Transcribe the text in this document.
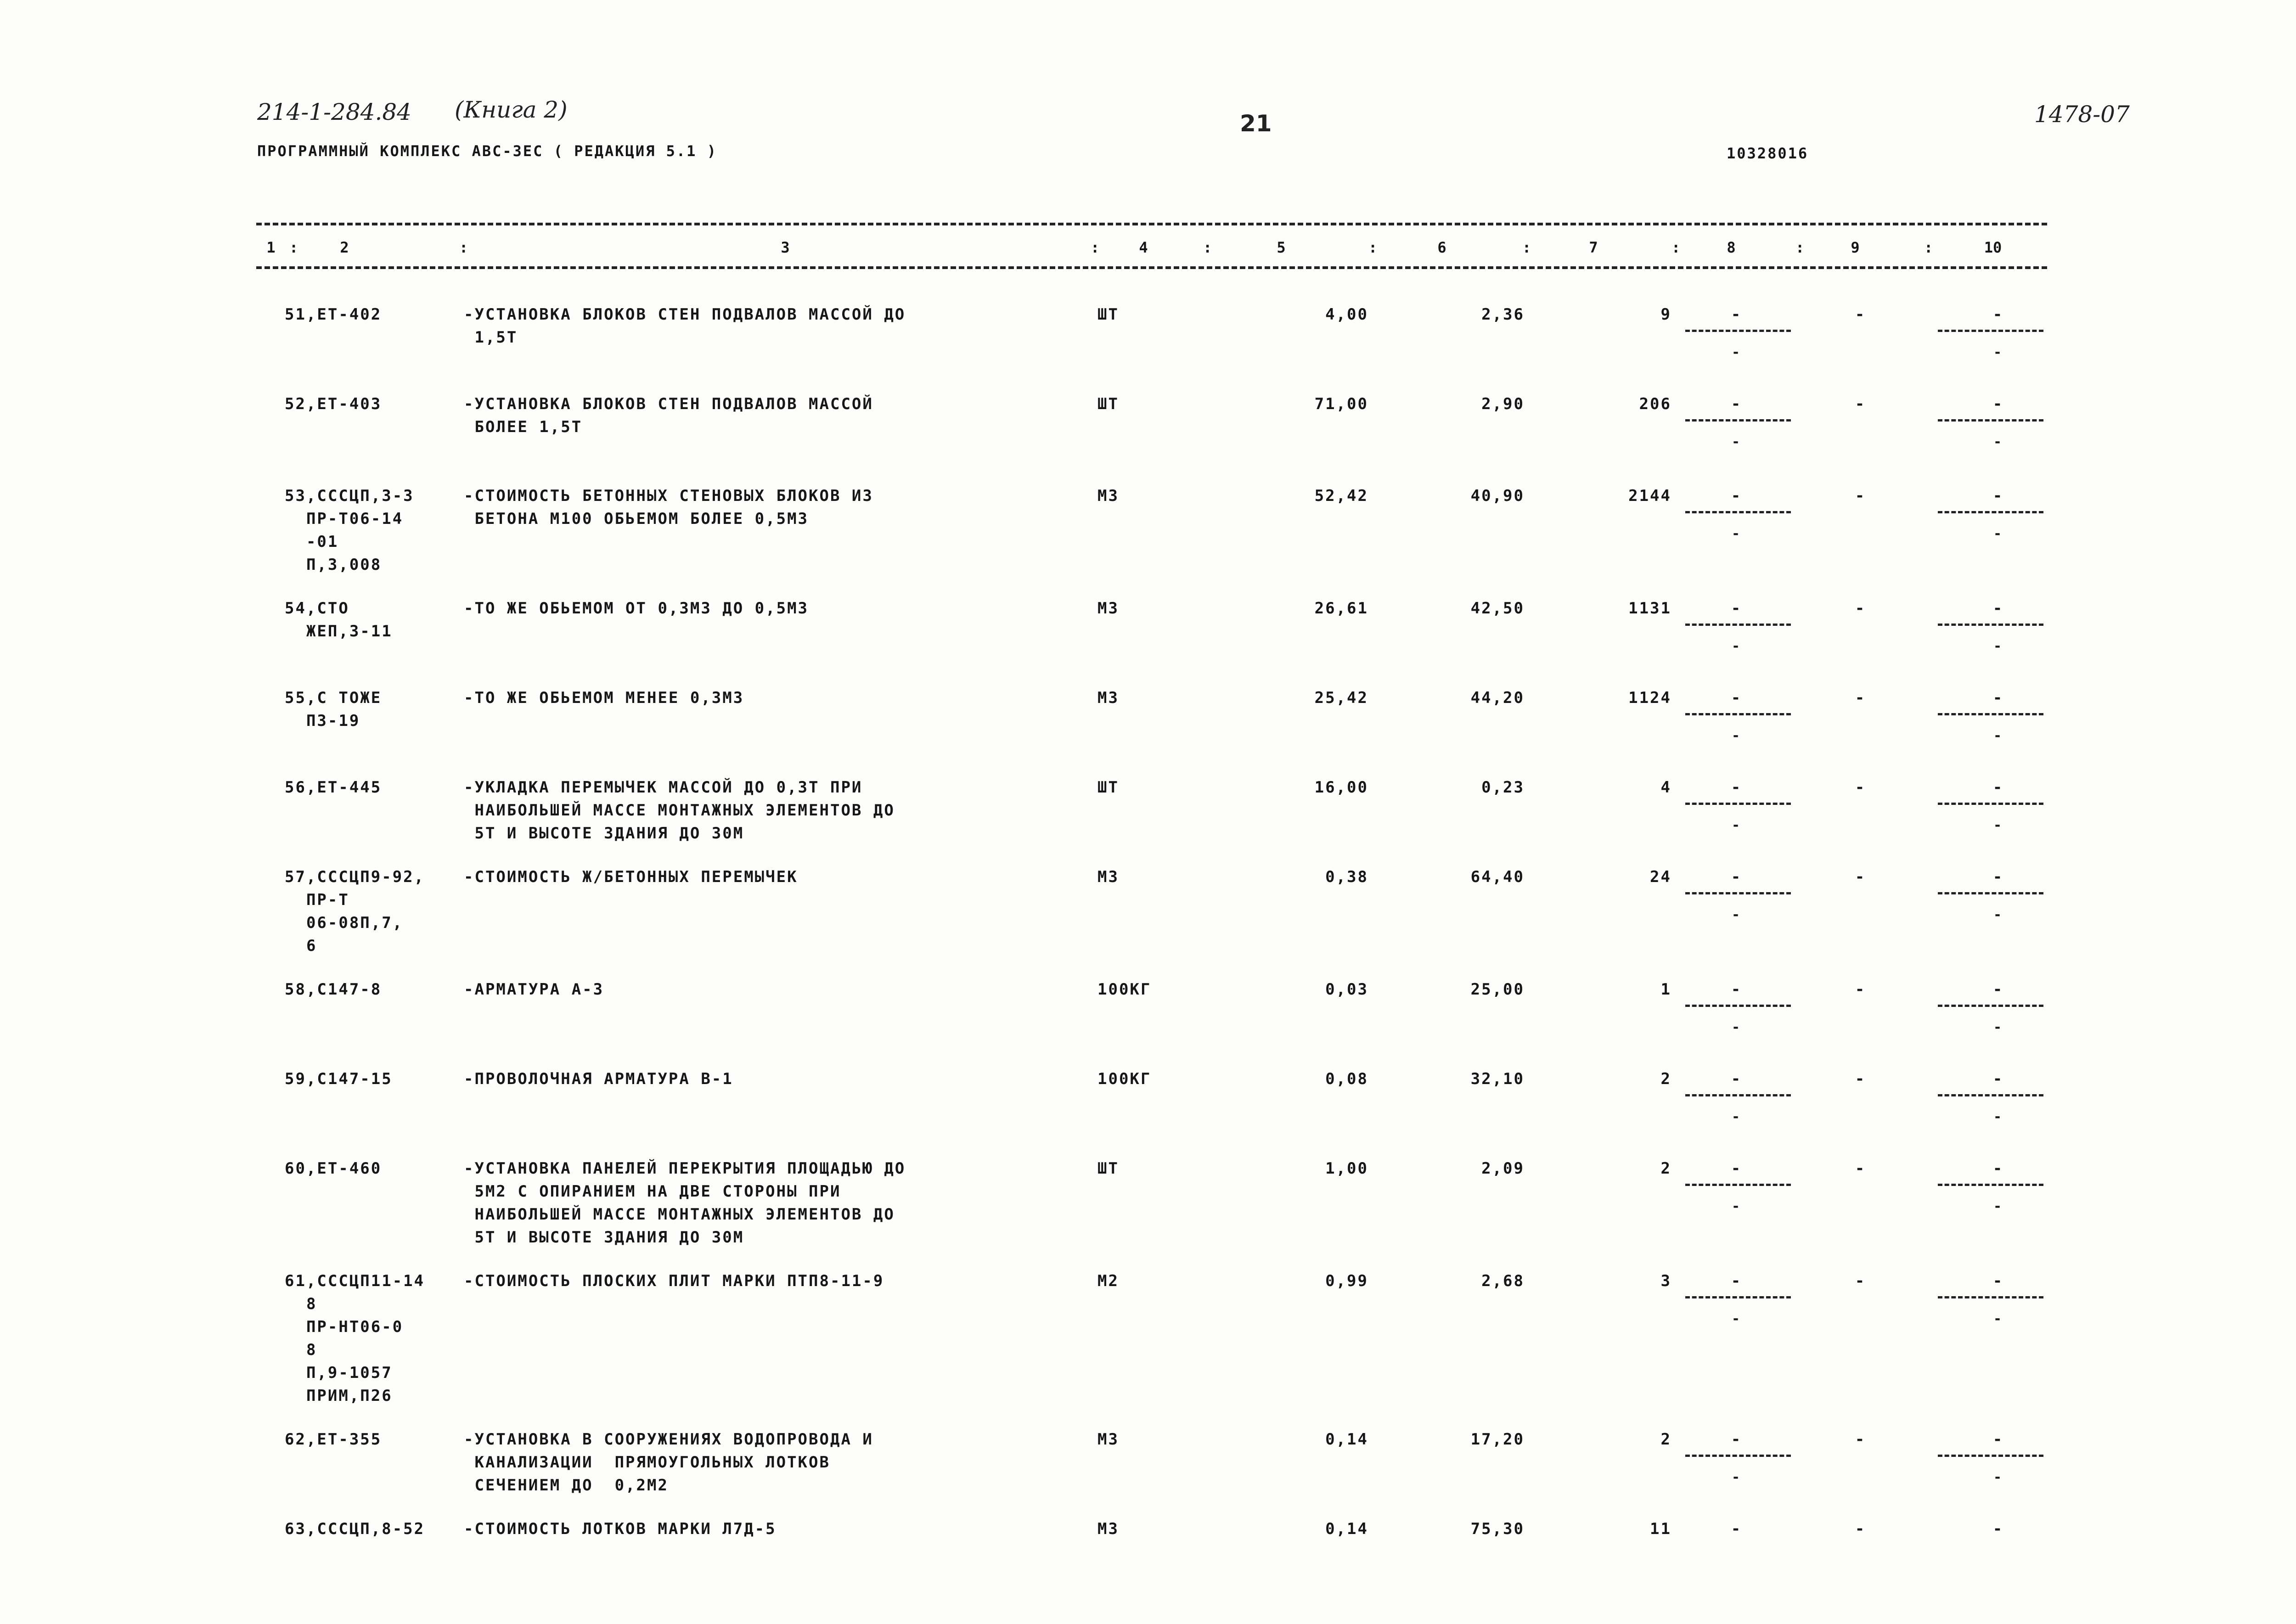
214-1-284.84 (Книга 2)
21	1478-07
ПРОГРАММНЫЙ КОМПЛЕКС АВС-ЗЕС ( РЕДАКЦИЯ 5.1 )	10328016
1 :	2	:	3	:	4	:	5	:	6	:	7	:	8	:	9	:	10
51,ЕТ-402	-УСТАНОВКА БЛОКОВ СТЕН ПОДВАЛОВ МАССОЙ ДО
1,5Т
ШТ	4,00	2,36	9	-	-	-
-	-
52,ЕТ-403	-УСТАНОВКА БЛОКОВ СТЕН ПОДВАЛОВ МАССОЙ
БОЛЕЕ 1,5Т
ШТ	71,00	2,90	206	-	-	-
-	-
53,СССЦП,3-3
ПР-Т06-14
-01
П,3,008
-СТОИМОСТЬ БЕТОННЫХ СТЕНОВЫХ БЛОКОВ ИЗ
БЕТОНА М100 ОБЬЕМОМ БОЛЕЕ 0,5М3
М3	52,42	40,90	2144	-	-	-
-	-
54,СТО
ЖЕП,3-11
-ТО ЖЕ ОБЬЕМОМ ОТ 0,3М3 ДО 0,5М3	М3	26,61	42,50	1131	-	-	-
-	-
55,С ТОЖЕ
П3-19
-ТО ЖЕ ОБЬЕМОМ МЕНЕЕ 0,3М3	М3	25,42	44,20	1124	-	-	-
-	-
56,ЕТ-445	-УКЛАДКА ПЕРЕМЫЧЕК МАССОЙ ДО 0,3Т ПРИ
НАИБОЛЬШЕЙ МАССЕ МОНТАЖНЫХ ЭЛЕМЕНТОВ ДО
5Т И ВЫСОТЕ ЗДАНИЯ ДО 30М
ШТ	16,00	0,23	4	-	-	-
-	-
57,СССЦП9-92,
ПР-Т
06-08П,7,
6
-СТОИМОСТЬ Ж/БЕТОННЫХ ПЕРЕМЫЧЕК	М3	0,38	64,40	24	-	-	-
-	-
58,С147-8	-АРМАТУРА А-3	100КГ	0,03	25,00	1	-	-	-
-	-
59,С147-15	-ПРОВОЛОЧНАЯ АРМАТУРА В-1	100КГ	0,08	32,10	2	-	-	-
-	-
60,ЕТ-460	-УСТАНОВКА ПАНЕЛЕЙ ПЕРЕКРЫТИЯ ПЛОЩАДЬЮ ДО
5М2 С ОПИРАНИЕМ НА ДВЕ СТОРОНЫ ПРИ
НАИБОЛЬШЕЙ МАССЕ МОНТАЖНЫХ ЭЛЕМЕНТОВ ДО
5Т И ВЫСОТЕ ЗДАНИЯ ДО 30М
ШТ	1,00	2,09	2	-	-	-
-	-
61,СССЦП11-14
8
ПР-НТ06-0
8
П,9-1057
ПРИМ,П26
-СТОИМОСТЬ ПЛОСКИХ ПЛИТ МАРКИ ПТП8-11-9	М2	0,99	2,68	3	-	-	-
-	-
62,ЕТ-355	-УСТАНОВКА В СООРУЖЕНИЯХ ВОДОПРОВОДА И
КАНАЛИЗАЦИИ  ПРЯМОУГОЛЬНЫХ ЛОТКОВ
СЕЧЕНИЕМ ДО  0,2М2
М3	0,14	17,20	2	-	-	-
-	-
63,СССЦП,8-52 -СТОИМОСТЬ ЛОТКОВ МАРКИ Л7Д-5	М3	0,14	75,30	11	-	-	-
